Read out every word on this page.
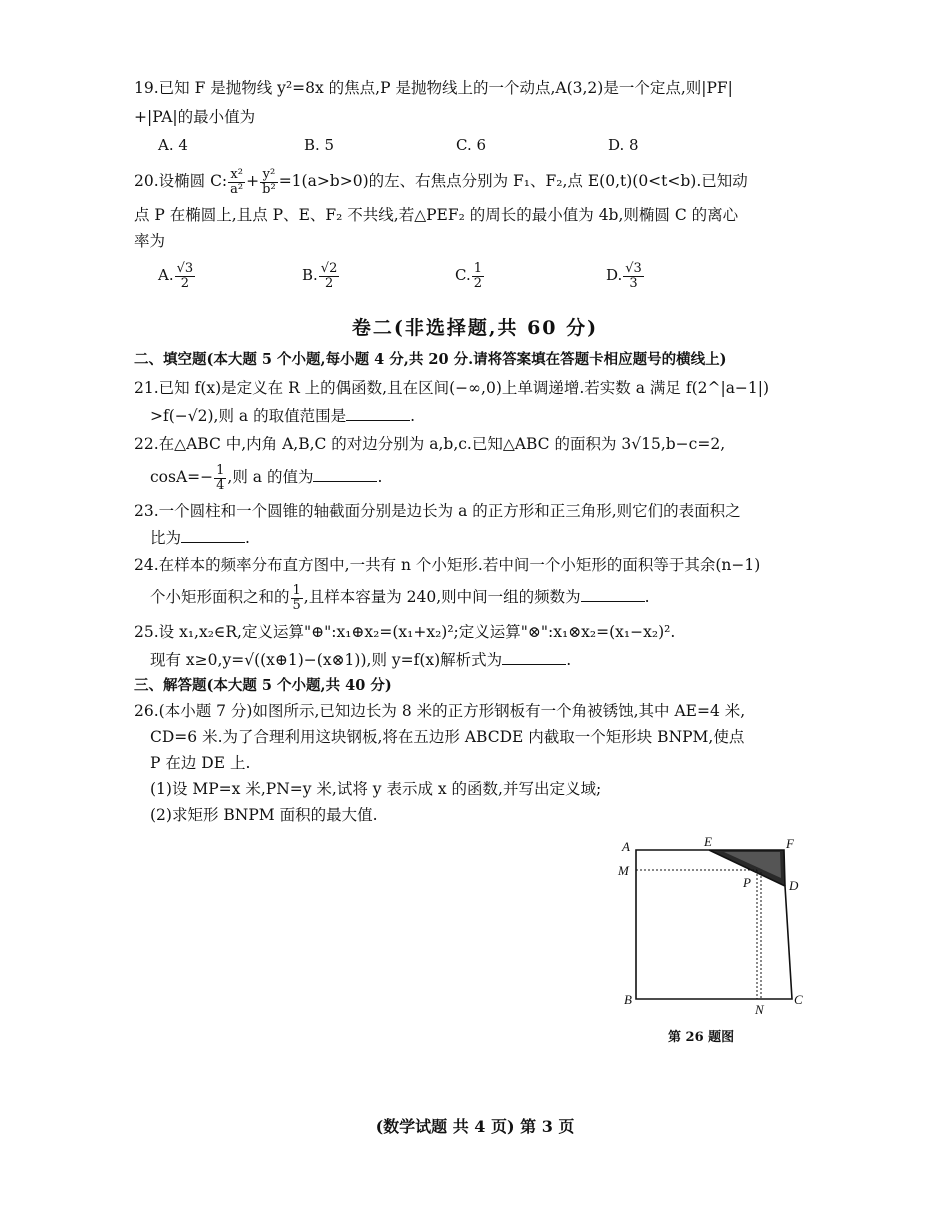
19.已知 F 是抛物线 y²=8x 的焦点,P 是抛物线上的一个动点,A(3,2)是一个定点,则|PF|
+|PA|的最小值为
A. 4	B. 5	C. 6	D. 8
20.设椭圆 C: $\frac{\text{x²}}{\text{a²}} + \frac{\text{y²}}{\text{b²}} =1(a>b>0)$的左、右焦点分别为 F₁、F₂,点 E(0,t)(0<t<b).已知动
点 P 在椭圆上,且点 P、E、F₂ 不共线,若△PEF₂ 的周长的最小值为 4b,则椭圆 C 的离心
率为
A. $\frac{√3}{2}$	B. $\frac{√2}{2}$	C. $\frac{1}{2}$	D. $\frac{√3}{3}$
卷二(非选择题,共 60 分)
二、填空题(本大题 5 个小题,每小题 4 分,共 20 分.请将答案填在答题卡相应题号的横线上)
21.已知 f(x)是定义在 R 上的偶函数,且在区间(−∞,0)上单调递增.若实数 a 满足 f(2^|a−1|)
>f(−√2),则 a 的取值范围是	.
22.在△ABC 中,内角 A,B,C 的对边分别为 a,b,c.已知△ABC 的面积为 3√15,b−c=2,
$\cos A=- \frac{1}{4}$ ,则 a 的值为	.
23.一个圆柱和一个圆锥的轴截面分别是边长为 a 的正方形和正三角形,则它们的表面积之
比为	.
24.在样本的频率分布直方图中,一共有 n 个小矩形.若中间一个小矩形的面积等于其余(n−1)
个小矩形面积之和的 $\frac{1}{5}$ ,且样本容量为 240,则中间一组的频数为	.
25.设 x₁,x₂∈R,定义运算"⊕":x₁⊕x₂=(x₁+x₂)²;定义运算"⊗":x₁⊗x₂=(x₁−x₂)².
现有 x≥0,y=√((x⊕1)−(x⊗1)),则 y=f(x)解析式为	.
三、解答题(本大题 5 个小题,共 40 分)
26.(本小题 7 分)如图所示,已知边长为 8 米的正方形钢板有一个角被锈蚀,其中 AE=4 米,
CD=6 米.为了合理利用这块钢板,将在五边形 ABCDE 内截取一个矩形块 BNPM,使点
P 在边 DE 上.
(1)设 MP=x 米,PN=y 米,试将 y 表示成 x 的函数,并写出定义域;
(2)求矩形 BNPM 面积的最大值.
A	E	F
M
P	D
B
N
C
第 26 题图
(数学试题 共 4 页) 第 3 页
